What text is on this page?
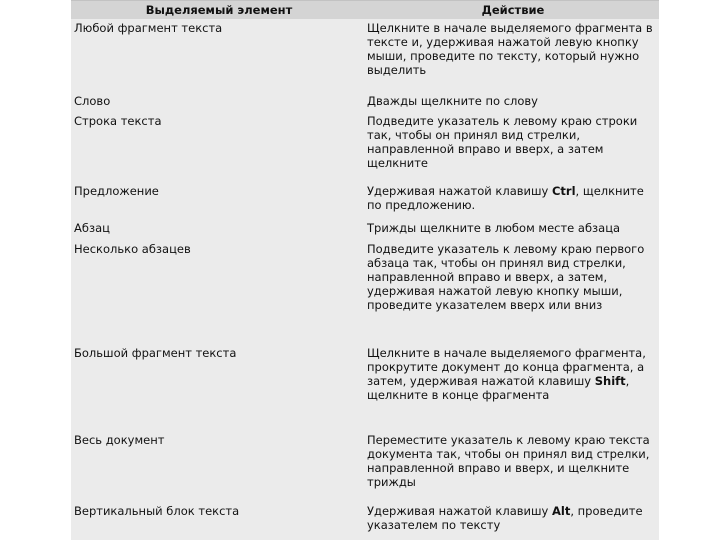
Выделяемый элемент	Действие
Любой фрагмент текста	Щелкните в начале выделяемого фрагмента в
тексте и, удерживая нажатой левую кнопку
мыши, проведите по тексту, который нужно
выделить
Слово	Дважды щелкните по слову
Строка текста	Подведите указатель к левому краю строки
так, чтобы он принял вид стрелки,
направленной вправо и вверх, а затем
щелкните
Предложение	Удерживая нажатой клавишу Ctrl, щелкните
по предложению.
Абзац	Трижды щелкните в любом месте абзаца
Несколько абзацев	Подведите указатель к левому краю первого
абзаца так, чтобы он принял вид стрелки,
направленной вправо и вверх, а затем,
удерживая нажатой левую кнопку мыши,
проведите указателем вверх или вниз
Большой фрагмент текста	Щелкните в начале выделяемого фрагмента,
прокрутите документ до конца фрагмента, а
затем, удерживая нажатой клавишу Shift,
щелкните в конце фрагмента
Весь документ	Переместите указатель к левому краю текста
документа так, чтобы он принял вид стрелки,
направленной вправо и вверх, и щелкните
трижды
Вертикальный блок текста	Удерживая нажатой клавишу Alt, проведите
указателем по тексту
